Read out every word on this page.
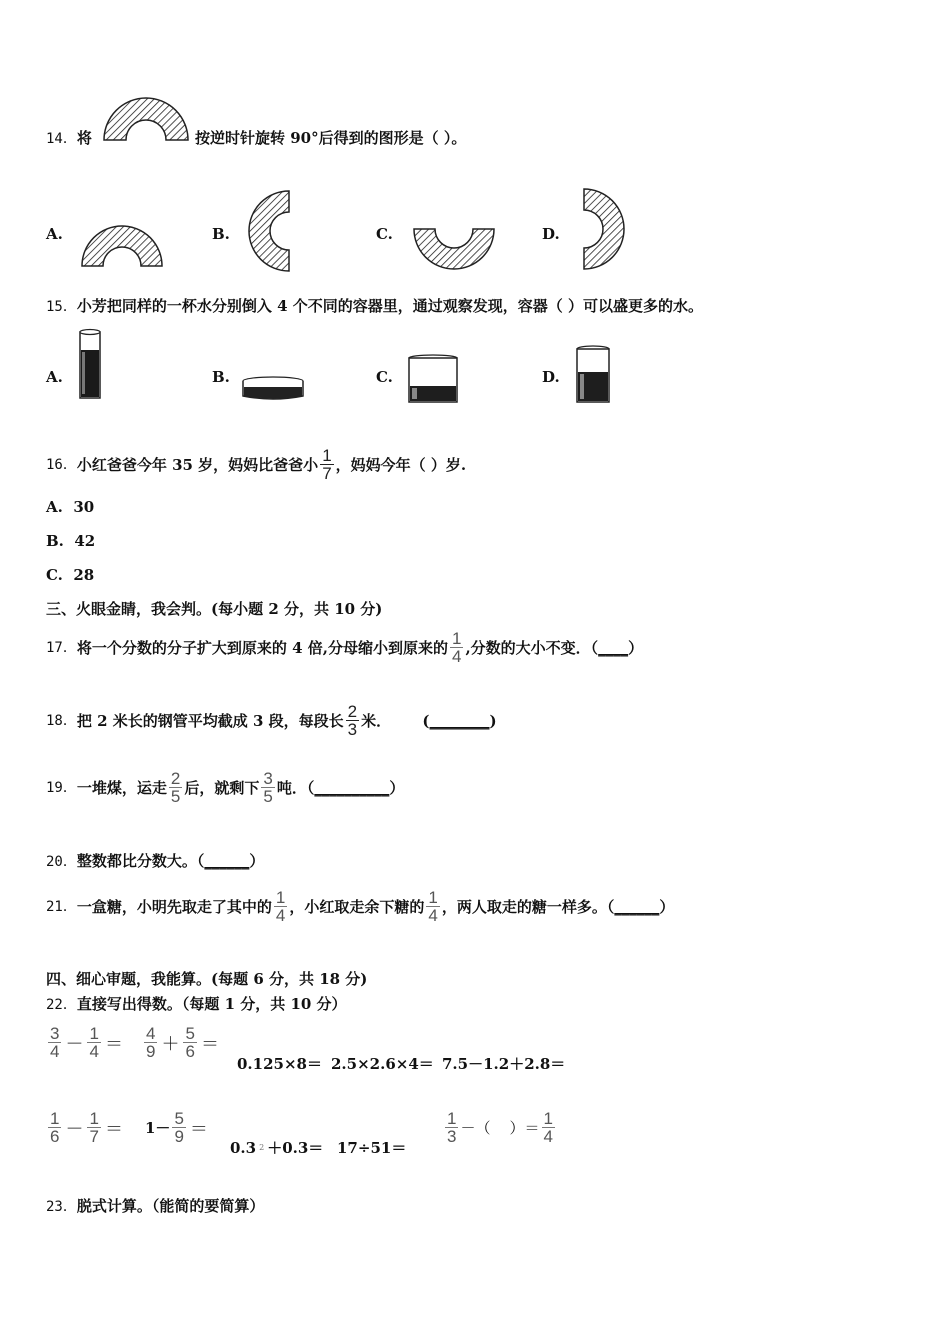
14．将	按逆时针旋转 90°后得到的图形是（ ）。
A.	B.	C.	D.
15．小芳把同样的一杯水分别倒入 4 个不同的容器里，通过观察发现，容器（ ）可以盛更多的水。
A.	B.	C.	D.
16． 小红爸爸今年 35 岁，妈妈比爸爸小 $\frac{1}{7}$ ，妈妈今年（ ）岁.
A. 30
B. 42
C. 28
三、火眼金睛，我会判。(每小题 2 分，共 10 分)
17． 将一个分数的分子扩大到原来的 4 倍,分母缩小到原来的 $\frac{1}{4}$ ,分数的大小不变．（ ____ ）
18． 把 2 米长的钢管平均截成 3 段，每段长 $\frac{2}{3}$ 米．      ( ________ )
19． 一堆煤，运走 $\frac{2}{5}$ 后，就剩下 $\frac{3}{5}$ 吨．（ __________ ）
20．整数都比分数大。（______）
21． 一盒糖，小明先取走了其中的 $\frac{1}{4}$ ，小红取走余下糖的 $\frac{1}{4}$ ，两人取走的糖一样多。（ ______ ）
四、细心审题，我能算。(每题 6 分，共 18 分)
22．直接写出得数。（每题 1 分，共 10 分）
$\frac{3}{4} - \frac{1}{4} = \frac{4}{9} + \frac{5}{6}$ ＝
0.125×8＝ 2.5×2.6×4＝ 7.5－1.2＋2.8＝
$\frac{1}{6} - \frac{1}{7} = 1- \frac{5}{9}$ ＝
0.3 2 ＋0.3＝ 17÷51＝
$\frac{1}{3}$ －（    ）＝ $\frac{1}{4}$
23．脱式计算。（能简的要简算）
